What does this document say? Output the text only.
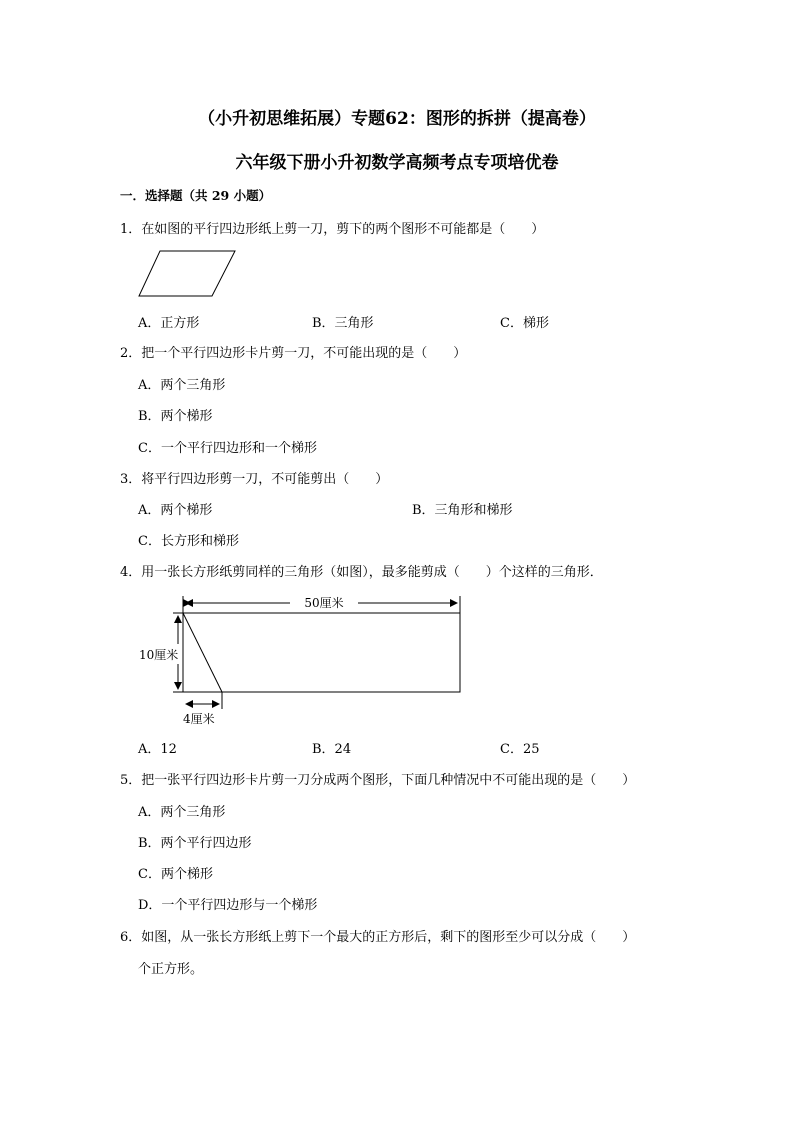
（小升初思维拓展）专题62：图形的拆拼（提高卷）
六年级下册小升初数学高频考点专项培优卷
一．选择题（共 29 小题）
1．在如图的平行四边形纸上剪一刀，剪下的两个图形不可能都是（　　）
A．正方形	B．三角形	C．梯形
2．把一个平行四边形卡片剪一刀，不可能出现的是（　　）
A．两个三角形
B．两个梯形
C．一个平行四边形和一个梯形
3．将平行四边形剪一刀，不可能剪出（　　）
A．两个梯形	B．三角形和梯形
C．长方形和梯形
4．用一张长方形纸剪同样的三角形（如图），最多能剪成（　　）个这样的三角形．
50厘米
10厘米
4厘米
A．12	B．24	C．25
5．把一张平行四边形卡片剪一刀分成两个图形，下面几种情况中不可能出现的是（　　）
A．两个三角形
B．两个平行四边形
C．两个梯形
D．一个平行四边形与一个梯形
6．如图，从一张长方形纸上剪下一个最大的正方形后，剩下的图形至少可以分成（　　）
个正方形。
